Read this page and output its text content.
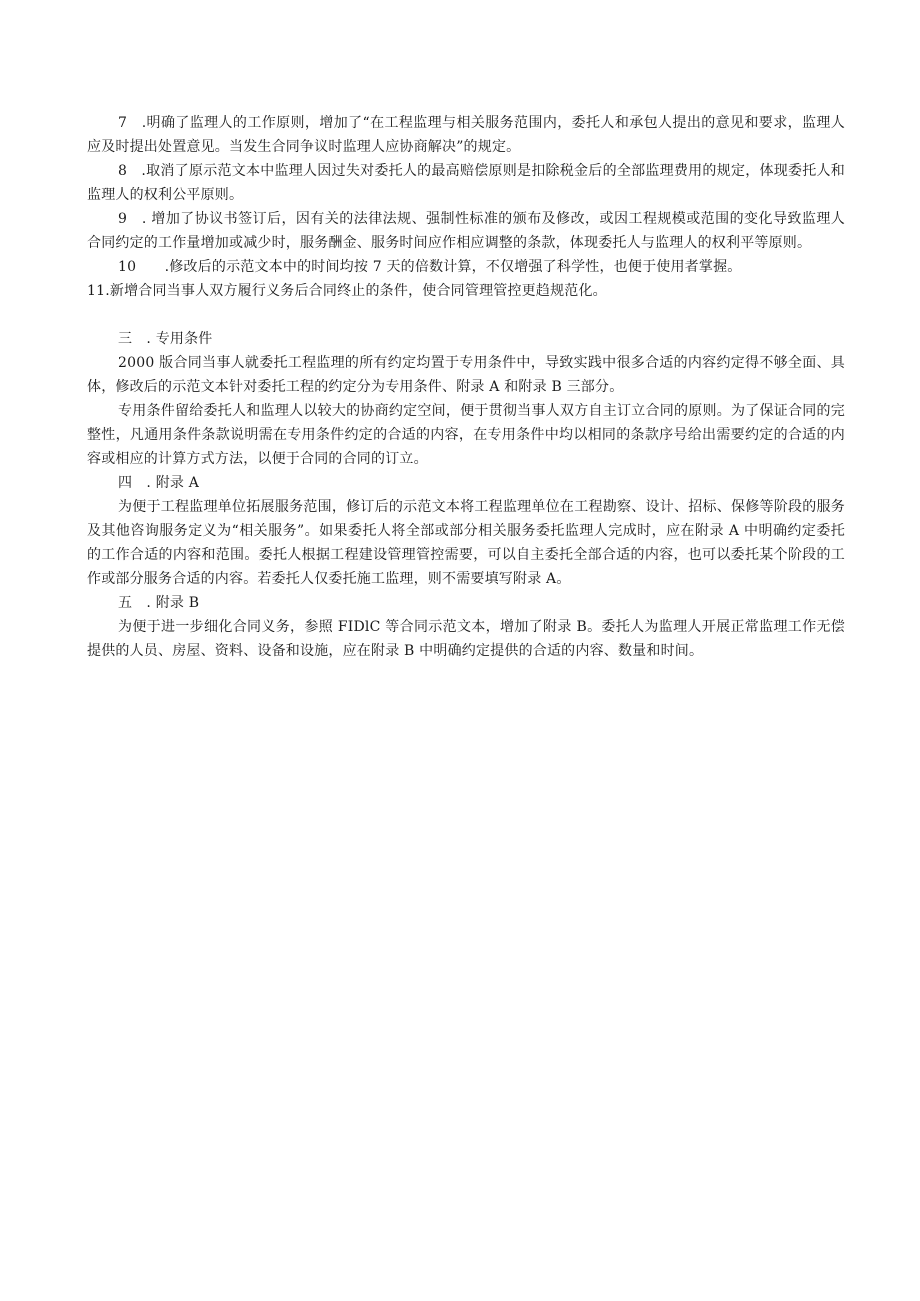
7　.明确了监理人的工作原则，增加了“在工程监理与相关服务范围内，委托人和承包人提出的意见和要求，监理人应及时提出处置意见。当发生合同争议时监理人应协商解决”的规定。

8　.取消了原示范文本中监理人因过失对委托人的最高赔偿原则是扣除税金后的全部监理费用的规定，体现委托人和监理人的权利公平原则。

9　. 增加了协议书签订后，因有关的法律法规、强制性标准的颁布及修改，或因工程规模或范围的变化导致监理人合同约定的工作量增加或减少时，服务酬金、服务时间应作相应调整的条款，体现委托人与监理人的权利平等原则。

10　　.修改后的示范文本中的时间均按 7 天的倍数计算，不仅增强了科学性，也便于使用者掌握。

11.新增合同当事人双方履行义务后合同终止的条件，使合同管理管控更趋规范化。

三　. 专用条件

2000 版合同当事人就委托工程监理的所有约定均置于专用条件中，导致实践中很多合适的内容约定得不够全面、具体，修改后的示范文本针对委托工程的约定分为专用条件、附录 A 和附录 B 三部分。

专用条件留给委托人和监理人以较大的协商约定空间，便于贯彻当事人双方自主订立合同的原则。为了保证合同的完整性，凡通用条件条款说明需在专用条件约定的合适的内容，在专用条件中均以相同的条款序号给出需要约定的合适的内容或相应的计算方式方法，以便于合同的合同的订立。

四　. 附录 A

为便于工程监理单位拓展服务范围，修订后的示范文本将工程监理单位在工程勘察、设计、招标、保修等阶段的服务及其他咨询服务定义为“相关服务”。如果委托人将全部或部分相关服务委托监理人完成时，应在附录 A 中明确约定委托的工作合适的内容和范围。委托人根据工程建设管理管控需要，可以自主委托全部合适的内容，也可以委托某个阶段的工作或部分服务合适的内容。若委托人仅委托施工监理，则不需要填写附录 A。

五　. 附录 B

为便于进一步细化合同义务，参照 FIDlC 等合同示范文本，增加了附录 B。委托人为监理人开展正常监理工作无偿提供的人员、房屋、资料、设备和设施，应在附录 B 中明确约定提供的合适的内容、数量和时间。
